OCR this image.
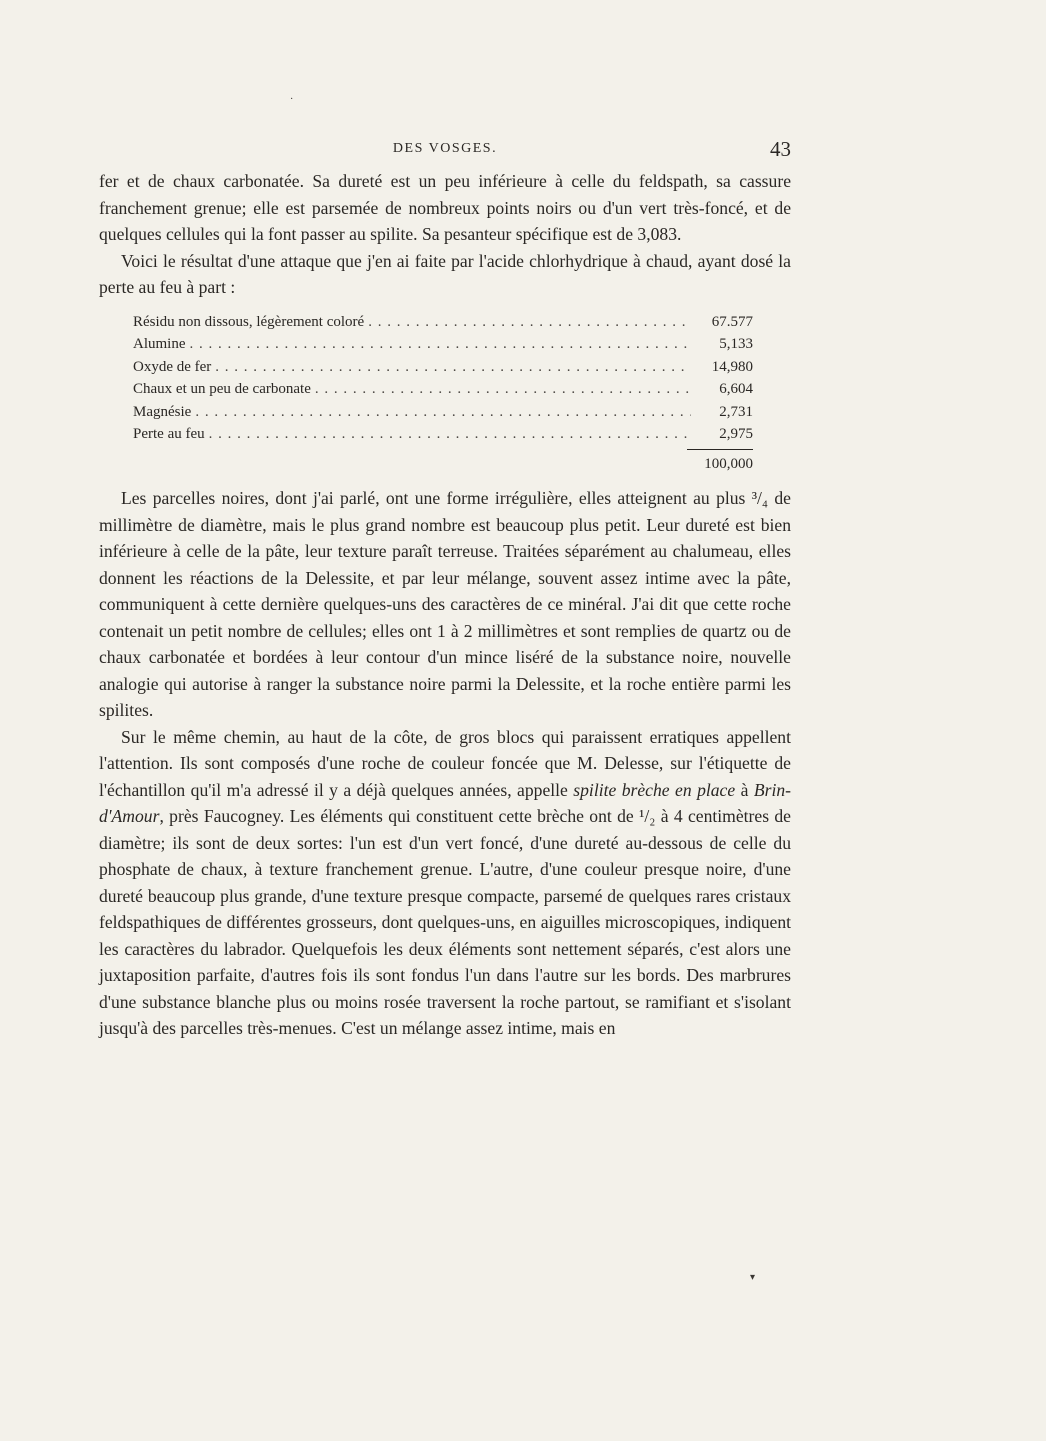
DES VOSGES.	43

fer et de chaux carbonatée. Sa dureté est un peu inférieure à celle du feldspath, sa cassure franchement grenue; elle est parsemée de nombreux points noirs ou d'un vert très-foncé, et de quelques cellules qui la font passer au spilite. Sa pesanteur spécifique est de 3,083.

Voici le résultat d'une attaque que j'en ai faite par l'acide chlorhydrique à chaud, ayant dosé la perte au feu à part :

Résidu non dissous, légèrement coloré . . .	67.577
Alumine . . .	5,133
Oxyde de fer . . .	14,980
Chaux et un peu de carbonate . . .	6,604
Magnésie . . .	2,731
Perte au feu . . .	2,975
100,000

Les parcelles noires, dont j'ai parlé, ont une forme irrégulière, elles atteignent au plus ³/₄ de millimètre de diamètre, mais le plus grand nombre est beaucoup plus petit. Leur dureté est bien inférieure à celle de la pâte, leur texture paraît terreuse. Traitées séparément au chalumeau, elles donnent les réactions de la Delessite, et par leur mélange, souvent assez intime avec la pâte, communiquent à cette dernière quelques-uns des caractères de ce minéral. J'ai dit que cette roche contenait un petit nombre de cellules; elles ont 1 à 2 millimètres et sont remplies de quartz ou de chaux carbonatée et bordées à leur contour d'un mince liséré de la substance noire, nouvelle analogie qui autorise à ranger la substance noire parmi la Delessite, et la roche entière parmi les spilites.

Sur le même chemin, au haut de la côte, de gros blocs qui paraissent erratiques appellent l'attention. Ils sont composés d'une roche de couleur foncée que M. Delesse, sur l'étiquette de l'échantillon qu'il m'a adressé il y a déjà quelques années, appelle spilite brèche en place à Brin-d'Amour, près Faucogney. Les éléments qui constituent cette brèche ont de ¹/₂ à 4 centimètres de diamètre; ils sont de deux sortes: l'un est d'un vert foncé, d'une dureté au-dessous de celle du phosphate de chaux, à texture franchement grenue. L'autre, d'une couleur presque noire, d'une dureté beaucoup plus grande, d'une texture presque compacte, parsemé de quelques rares cristaux feldspathiques de différentes grosseurs, dont quelques-uns, en aiguilles microscopiques, indiquent les caractères du labrador. Quelquefois les deux éléments sont nettement séparés, c'est alors une juxtaposition parfaite, d'autres fois ils sont fondus l'un dans l'autre sur les bords. Des marbrures d'une substance blanche plus ou moins rosée traversent la roche partout, se ramifiant et s'isolant jusqu'à des parcelles très-menues. C'est un mélange assez intime, mais en

·
▾
